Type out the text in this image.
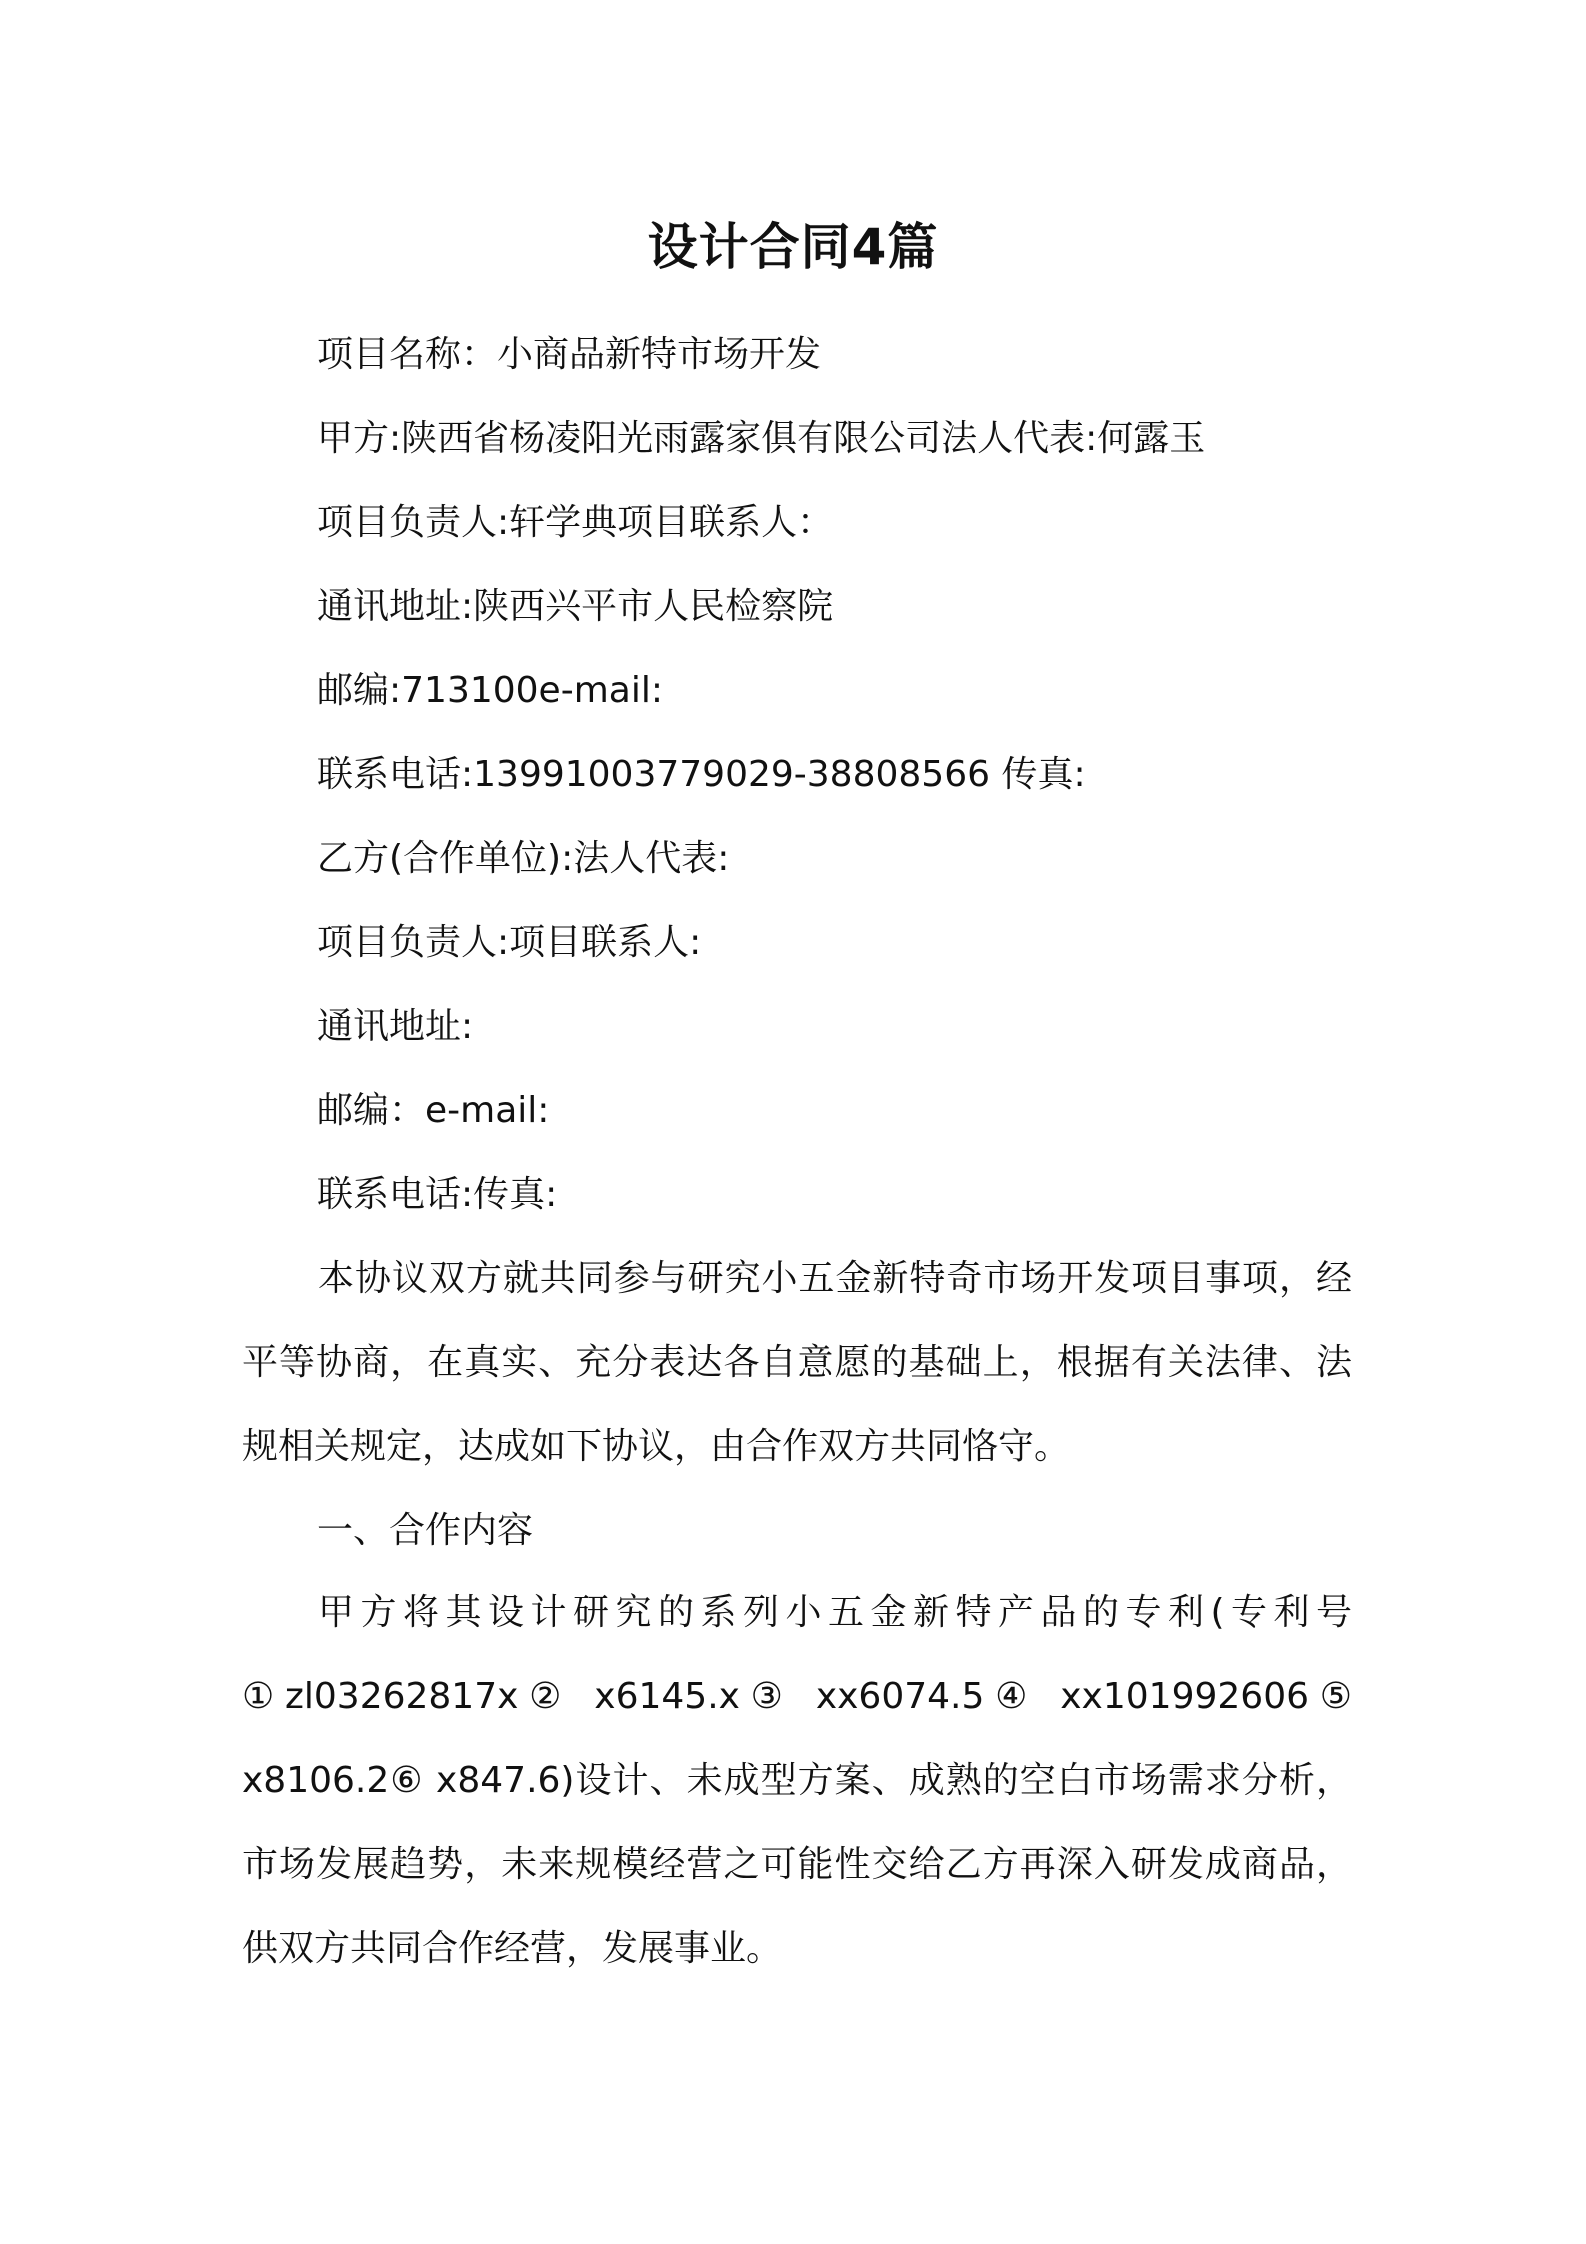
设计合同4篇
项目名称：小商品新特市场开发
甲方:陕西省杨凌阳光雨露家俱有限公司法人代表:何露玉
项目负责人:轩学典项目联系人：
通讯地址:陕西兴平市人民检察院
邮编:713100e-mail:
联系电话:13991003779029-38808566 传真:
乙方(合作单位):法人代表:
项目负责人:项目联系人:
通讯地址:
邮编：e-mail:
联系电话:传真:

本协议双方就共同参与研究小五金新特奇市场开发项目事项，经平等协商，在真实、充分表达各自意愿的基础上，根据有关法律、法规相关规定，达成如下协议，由合作双方共同恪守。

一、合作内容

甲方将其设计研究的系列小五金新特产品的专利(专利号①zl03262817x② x6145.x③ xx6074.5④ xx101992606⑤ x8106.2⑥ x847.6)设计、未成型方案、成熟的空白市场需求分析，市场发展趋势，未来规模经营之可能性交给乙方再深入研发成商品，供双方共同合作经营，发展事业。
